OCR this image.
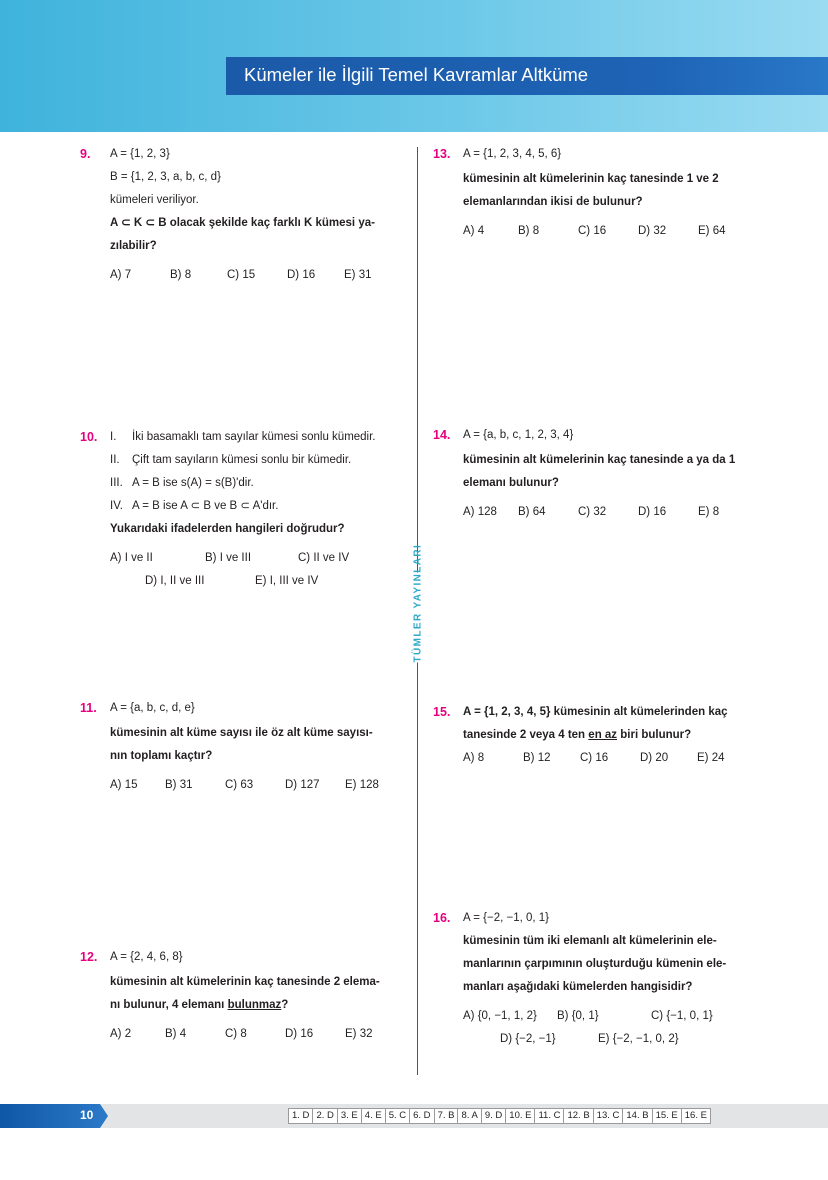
Kümeler ile İlgili Temel Kavramlar Altküme
TÜMLER YAYINLARI
9. A = {1, 2, 3}
B = {1, 2, 3, a, b, c, d}
kümeleri veriliyor.
A ⊂ K ⊂ B olacak şekilde kaç farklı K kümesi ya-
zılabilir?
A) 7	B) 8	C) 15	D) 16	E) 31
10. I. İki basamaklı tam sayılar kümesi sonlu kümedir.
II. Çift tam sayıların kümesi sonlu bir kümedir.
III. A = B ise s(A) = s(B)'dir.
IV. A = B ise A ⊂ B ve B ⊂ A'dır.
Yukarıdaki ifadelerden hangileri doğrudur?
A) I ve II	B) I ve III	C) II ve IV
D) I, II ve III	E) I, III ve IV
11. A = {a, b, c, d, e}
kümesinin alt küme sayısı ile öz alt küme sayısı-
nın toplamı kaçtır?
A) 15 B) 31	C) 63	D) 127 E) 128
12. A = {2, 4, 6, 8}
kümesinin alt kümelerinin kaç tanesinde 2 elema-
nı bulunur, 4 elemanı bulunmaz?
A) 2	B) 4	C) 8	D) 16	E) 32
13. A = {1, 2, 3, 4, 5, 6}
kümesinin alt kümelerinin kaç tanesinde 1 ve 2
elemanlarından ikisi de bulunur?
A) 4	B) 8	C) 16	D) 32	E) 64
14. A = {a, b, c, 1, 2, 3, 4}
kümesinin alt kümelerinin kaç tanesinde a ya da 1
elemanı bulunur?
A) 128 B) 64	C) 32	D) 16	E) 8
15. A = {1, 2, 3, 4, 5} kümesinin alt kümelerinden kaç
tanesinde 2 veya 4 ten en az biri bulunur?
A) 8	B) 12	C) 16	D) 20	E) 24
16. A = {−2, −1, 0, 1}
kümesinin tüm iki elemanlı alt kümelerinin ele-
manlarının çarpımının oluşturduğu kümenin ele-
manları aşağıdaki kümelerden hangisidir?
A) {0, −1, 1, 2} B) {0, 1}	C) {−1, 0, 1}
D) {−2, −1}	E) {−2, −1, 0, 2}
10	1. D 2. D 3. E 4. E 5. C 6. D 7. B 8. A 9. D 10. E 11. C 12. B 13. C 14. B 15. E 16. E
